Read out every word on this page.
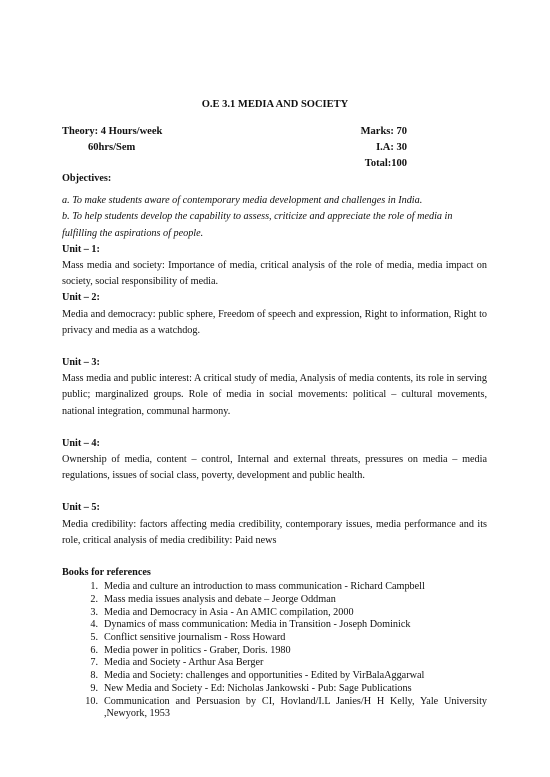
O.E 3.1 MEDIA AND SOCIETY
Theory: 4 Hours/week
60hrs/Sem
Marks: 70
I.A: 30
Total:100

Objectives:

a. To make students aware of contemporary media development and challenges in India.

b. To help students develop the capability to assess, criticize and appreciate the role of media in fulfilling the aspirations of people.

Unit – 1:

Mass media and society: Importance of media, critical analysis of the role of media, media impact on society, social responsibility of media.

Unit – 2:

Media and democracy: public sphere, Freedom of speech and expression, Right to information, Right to privacy and media as a watchdog.

Unit – 3:

Mass media and public interest: A critical study of media, Analysis of media contents, its role in serving public; marginalized groups. Role of media in social movements: political – cultural movements, national integration, communal harmony.

Unit – 4:

Ownership of media, content – control, Internal and external threats, pressures on media – media regulations, issues of social class, poverty, development and public health.

Unit – 5:

Media credibility: factors affecting media credibility, contemporary issues, media performance and its role, critical analysis of media credibility: Paid news

Books for references

1. Media and culture an introduction to mass communication - Richard Campbell
2. Mass media issues analysis and debate – Jeorge Oddman
3. Media and Democracy in Asia - An AMIC compilation, 2000
4. Dynamics of mass communication: Media in Transition - Joseph Dominick
5. Conflict sensitive journalism - Ross Howard
6. Media power in politics - Graber, Doris. 1980
7. Media and Society - Arthur Asa Berger
8. Media and Society: challenges and opportunities - Edited by VirBalaAggarwal
9. New Media and Society - Ed: Nicholas Jankowski - Pub: Sage Publications
10. Communication and Persuasion by CI, Hovland/I.L Janies/H H Kelly, Yale University ,Newyork, 1953
